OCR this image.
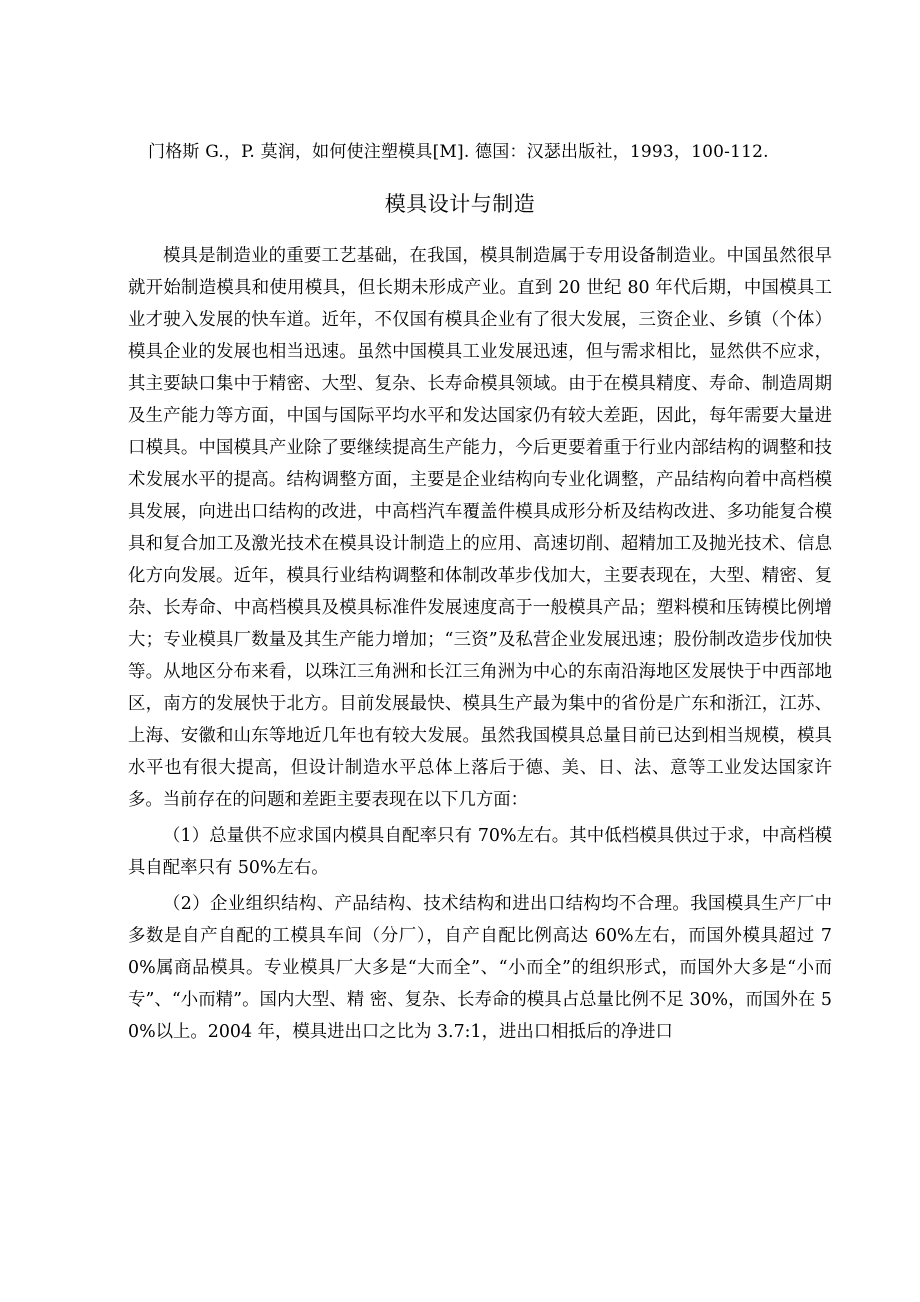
门格斯 G.，P. 莫润，如何使注塑模具[M]. 德国：汉瑟出版社，1993，100-112.
模具设计与制造

模具是制造业的重要工艺基础，在我国，模具制造属于专用设备制造业。中国虽然很早就开始制造模具和使用模具，但长期未形成产业。直到 20 世纪 80 年代后期，中国模具工业才驶入发展的快车道。近年，不仅国有模具企业有了很大发展，三资企业、乡镇（个体）模具企业的发展也相当迅速。虽然中国模具工业发展迅速，但与需求相比，显然供不应求，其主要缺口集中于精密、大型、复杂、长寿命模具领域。由于在模具精度、寿命、制造周期及生产能力等方面，中国与国际平均水平和发达国家仍有较大差距，因此，每年需要大量进口模具。中国模具产业除了要继续提高生产能力，今后更要着重于行业内部结构的调整和技术发展水平的提高。结构调整方面，主要是企业结构向专业化调整，产品结构向着中高档模具发展，向进出口结构的改进，中高档汽车覆盖件模具成形分析及结构改进、多功能复合模具和复合加工及激光技术在模具设计制造上的应用、高速切削、超精加工及抛光技术、信息化方向发展。近年，模具行业结构调整和体制改革步伐加大，主要表现在，大型、精密、复杂、长寿命、中高档模具及模具标准件发展速度高于一般模具产品；塑料模和压铸模比例增大；专业模具厂数量及其生产能力增加；“三资”及私营企业发展迅速；股份制改造步伐加快等。从地区分布来看，以珠江三角洲和长江三角洲为中心的东南沿海地区发展快于中西部地区，南方的发展快于北方。目前发展最快、模具生产最为集中的省份是广东和浙江，江苏、上海、安徽和山东等地近几年也有较大发展。虽然我国模具总量目前已达到相当规模，模具水平也有很大提高，但设计制造水平总体上落后于德、美、日、法、意等工业发达国家许多。当前存在的问题和差距主要表现在以下几方面：

（1）总量供不应求国内模具自配率只有 70%左右。其中低档模具供过于求，中高档模具自配率只有 50%左右。

（2）企业组织结构、产品结构、技术结构和进出口结构均不合理。我国模具生产厂中多数是自产自配的工模具车间（分厂），自产自配比例高达 60%左右，而国外模具超过 70%属商品模具。专业模具厂大多是“大而全”、“小而全”的组织形式，而国外大多是“小而专”、“小而精”。国内大型、精 密、复杂、长寿命的模具占总量比例不足 30%，而国外在 50%以上。2004 年，模具进出口之比为 3.7:1，进出口相抵后的净进口
